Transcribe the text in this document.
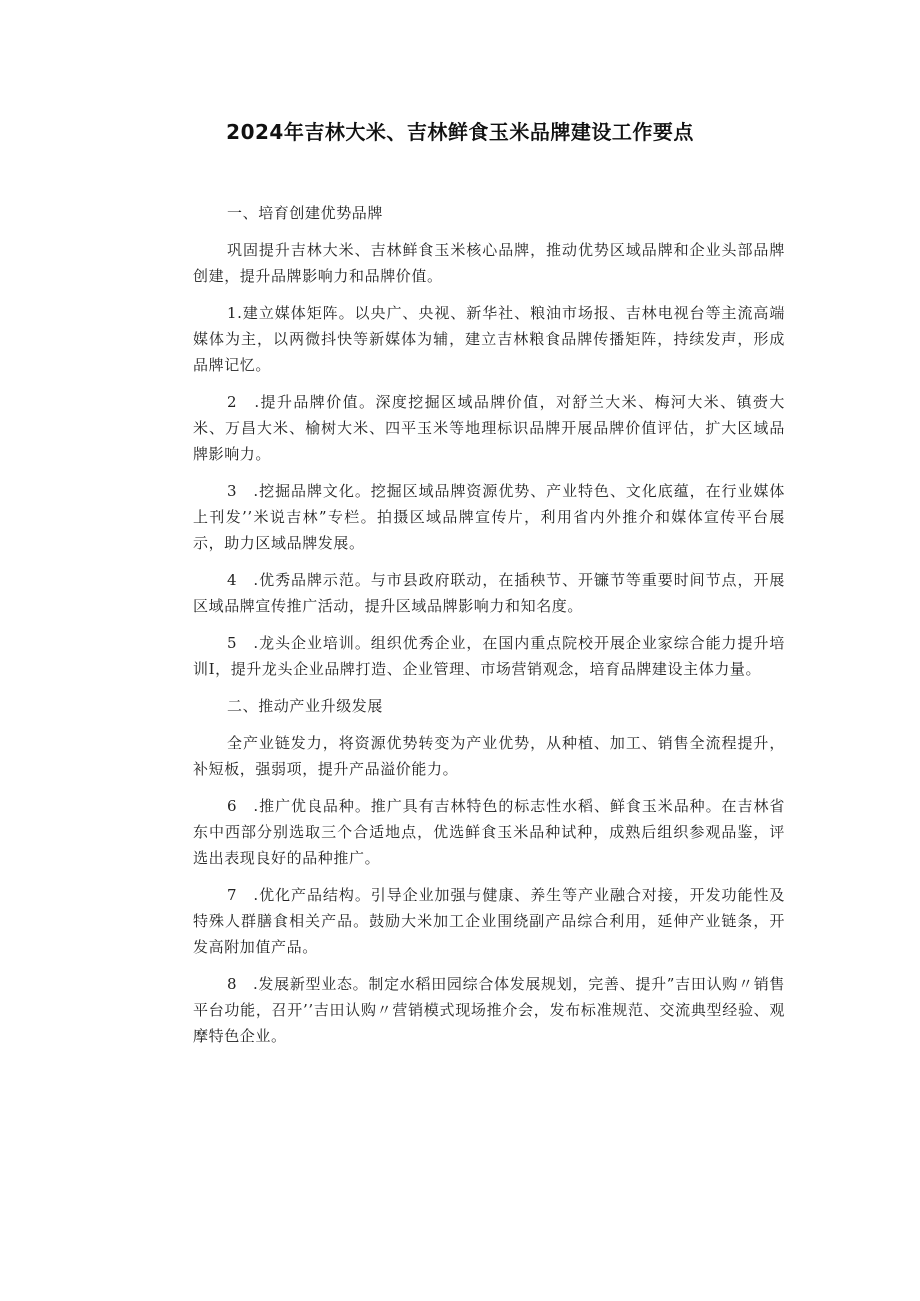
2024年吉林大米、吉林鲜食玉米品牌建设工作要点

一、培育创建优势品牌

巩固提升吉林大米、吉林鲜食玉米核心品牌，推动优势区域品牌和企业头部品牌创建，提升品牌影响力和品牌价值。

1.建立媒体矩阵。以央广、央视、新华社、粮油市场报、吉林电视台等主流高端媒体为主，以两微抖快等新媒体为辅，建立吉林粮食品牌传播矩阵，持续发声，形成品牌记忆。

2　.提升品牌价值。深度挖掘区域品牌价值，对舒兰大米、梅河大米、镇赍大米、万昌大米、榆树大米、四平玉米等地理标识品牌开展品牌价值评估，扩大区域品牌影响力。

3　.挖掘品牌文化。挖掘区域品牌资源优势、产业特色、文化底蕴，在行业媒体上刊发’’米说吉林”专栏。拍摄区域品牌宣传片，利用省内外推介和媒体宣传平台展示，助力区域品牌发展。

4　.优秀品牌示范。与市县政府联动，在插秧节、开镰节等重要时间节点，开展区域品牌宣传推广活动，提升区域品牌影响力和知名度。

5　.龙头企业培训。组织优秀企业，在国内重点院校开展企业家综合能力提升培训I，提升龙头企业品牌打造、企业管理、市场营销观念，培育品牌建设主体力量。

二、推动产业升级发展

全产业链发力，将资源优势转变为产业优势，从种植、加工、销售全流程提升，补短板，强弱项，提升产品溢价能力。

6　.推广优良品种。推广具有吉林特色的标志性水稻、鲜食玉米品种。在吉林省东中西部分别选取三个合适地点，优选鲜食玉米品种试种，成熟后组织参观品鉴，评选出表现良好的品种推广。

7　.优化产品结构。引导企业加强与健康、养生等产业融合对接，开发功能性及特殊人群膳食相关产品。鼓励大米加工企业围绕副产品综合利用，延伸产业链条，开发高附加值产品。

8　.发展新型业态。制定水稻田园综合体发展规划，完善、提升”吉田认购〃销售平台功能，召开’’吉田认购〃营销模式现场推介会，发布标准规范、交流典型经验、观摩特色企业。
